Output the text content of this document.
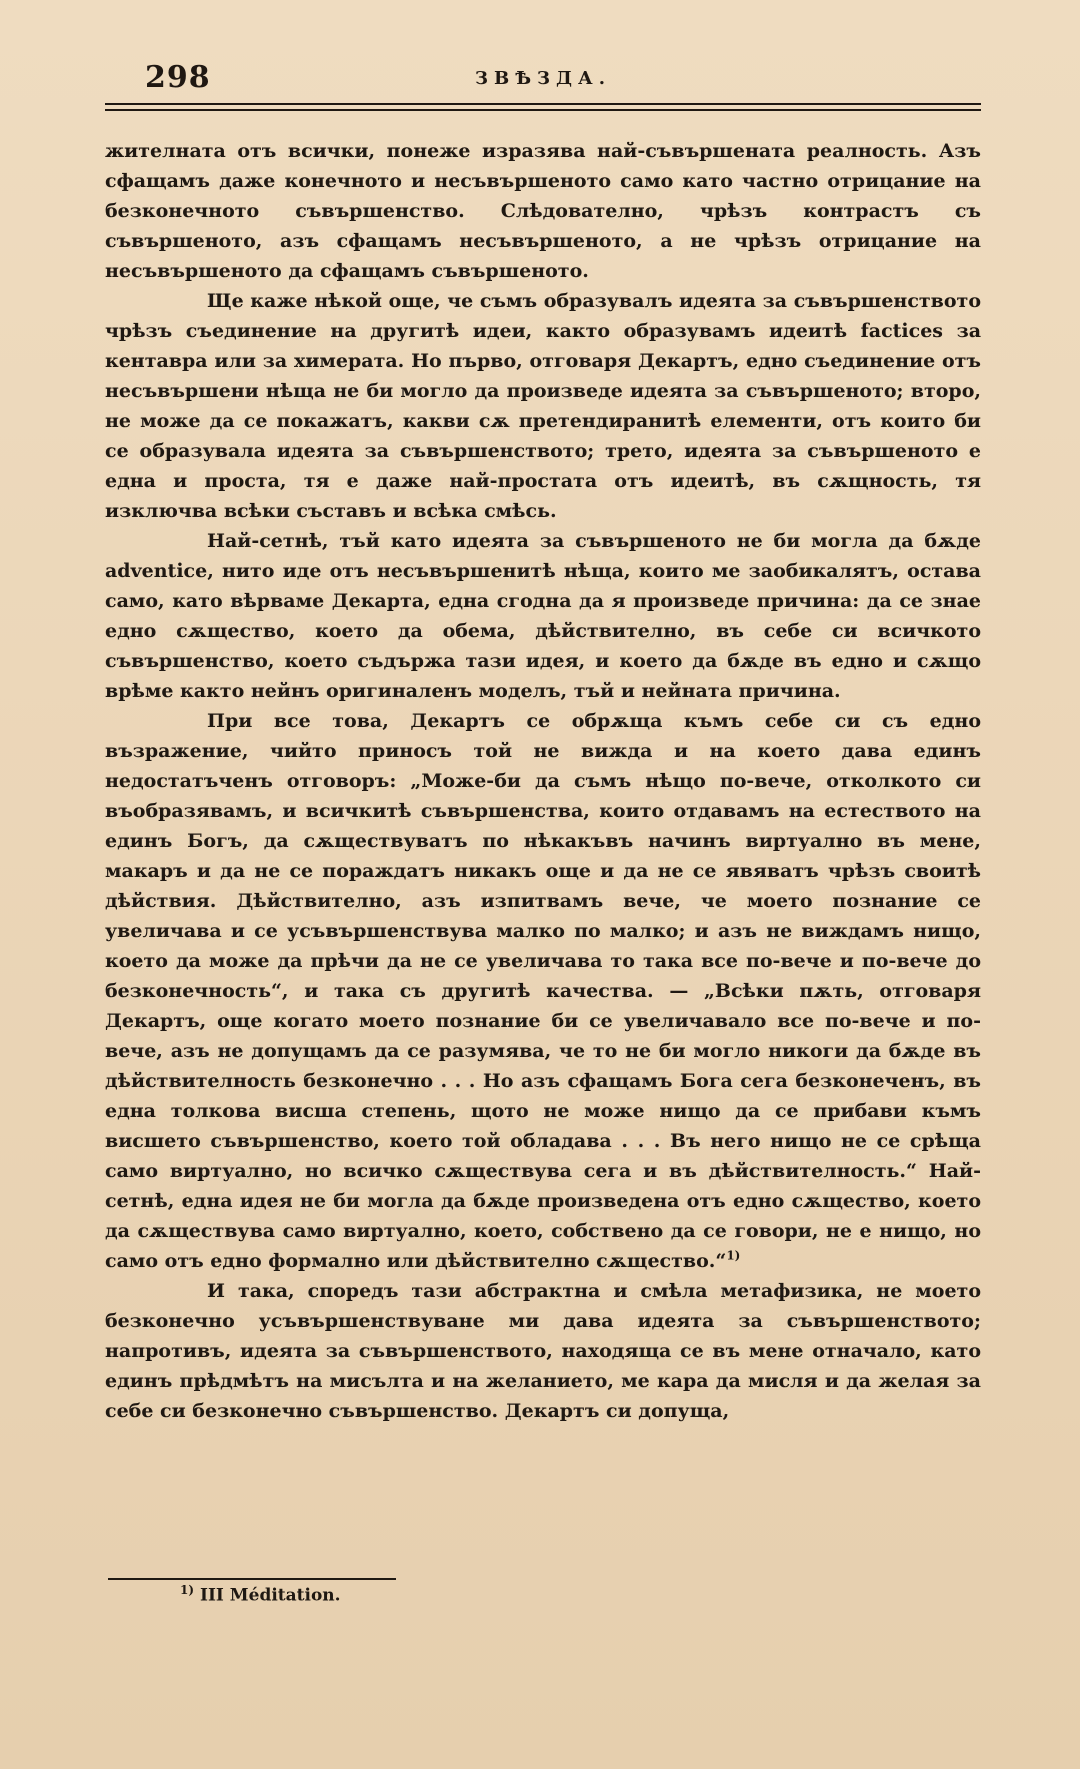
298	ЗВѢЗДА.

жителната отъ всички, понеже изразява най-съвършената реалность. Азъ сфащамъ даже конечното и несъвършеното само като частно отрицание на безконечното съвършенство. Слѣдователно, чрѣзъ контрастъ съ съвършеното, азъ сфащамъ несъвършеното, а не чрѣзъ отрицание на несъвършеното да сфащамъ съвършеното.

Ще каже нѣкой още, че съмъ образувалъ идеята за съвършенството чрѣзъ съединение на другитѣ идеи, както образувамъ идеитѣ factices за кентавра или за химерата. Но първо, отговаря Декартъ, едно съединение отъ несъвършени нѣща не би могло да произведе идеята за съвършеното; второ, не може да се покажатъ, какви сѫ претендиранитѣ елементи, отъ които би се образувала идеята за съвършенството; трето, идеята за съвършеното е една и проста, тя е даже най-простата отъ идеитѣ, въ сѫщность, тя изключва всѣки съставъ и всѣка смѣсь.

Най-сетнѣ, тъй като идеята за съвършеното не би могла да бѫде adventice, нито иде отъ несъвършенитѣ нѣща, които ме заобикалятъ, остава само, като вѣрваме Декарта, една сгодна да я произведе причина: да се знае едно сѫщество, което да обема, дѣйствително, въ себе си всичкото съвършенство, което съдържа тази идея, и което да бѫде въ едно и сѫщо врѣме както нейнъ оригиналенъ моделъ, тъй и нейната причина.

При все това, Декартъ се обрѫща къмъ себе си съ едно възражение, чийто приносъ той не вижда и на което дава единъ недостатъченъ отговоръ: „Може-би да съмъ нѣщо по-вече, отколкото си въобразявамъ, и всичкитѣ съвършенства, които отдавамъ на естеството на единъ Богъ, да сѫществуватъ по нѣкакъвъ начинъ виртуално въ мене, макаръ и да не се пораждатъ никакъ още и да не се явяватъ чрѣзъ своитѣ дѣйствия. Дѣйствително, азъ изпитвамъ вече, че моето познание се увеличава и се усъвършенствува малко по малко; и азъ не виждамъ нищо, което да може да прѣчи да не се увеличава то така все по-вече и по-вече до безконечность“, и така съ другитѣ качества. — „Всѣки пѫть, отговаря Декартъ, още когато моето познание би се увеличавало все по-вече и по-вече, азъ не допущамъ да се разумява, че то не би могло никоги да бѫде въ дѣйствителность безконечно . . . Но азъ сфащамъ Бога сега безконеченъ, въ една толкова висша степень, щото не може нищо да се прибави къмъ висшето съвършенство, което той обладава . . . Въ него нищо не се срѣща само виртуално, но всичко сѫществува сега и въ дѣйствителность.“ Най-сетнѣ, една идея не би могла да бѫде произведена отъ едно сѫщество, което да сѫществува само виртуално, което, собствено да се говори, не е нищо, но само отъ едно формално или дѣйствително сѫщество.“$^{1)}$

И така, споредъ тази абстрактна и смѣла метафизика, не моето безконечно усъвършенствуване ми дава идеята за съвършенството; напротивъ, идеята за съвършенството, находяща се въ мене отначало, като единъ прѣдмѣтъ на мисълта и на желанието, ме кара да мисля и да желая за себе си безконечно съвършенство. Декартъ си допуща,

$^{1)}$ III Méditation.
